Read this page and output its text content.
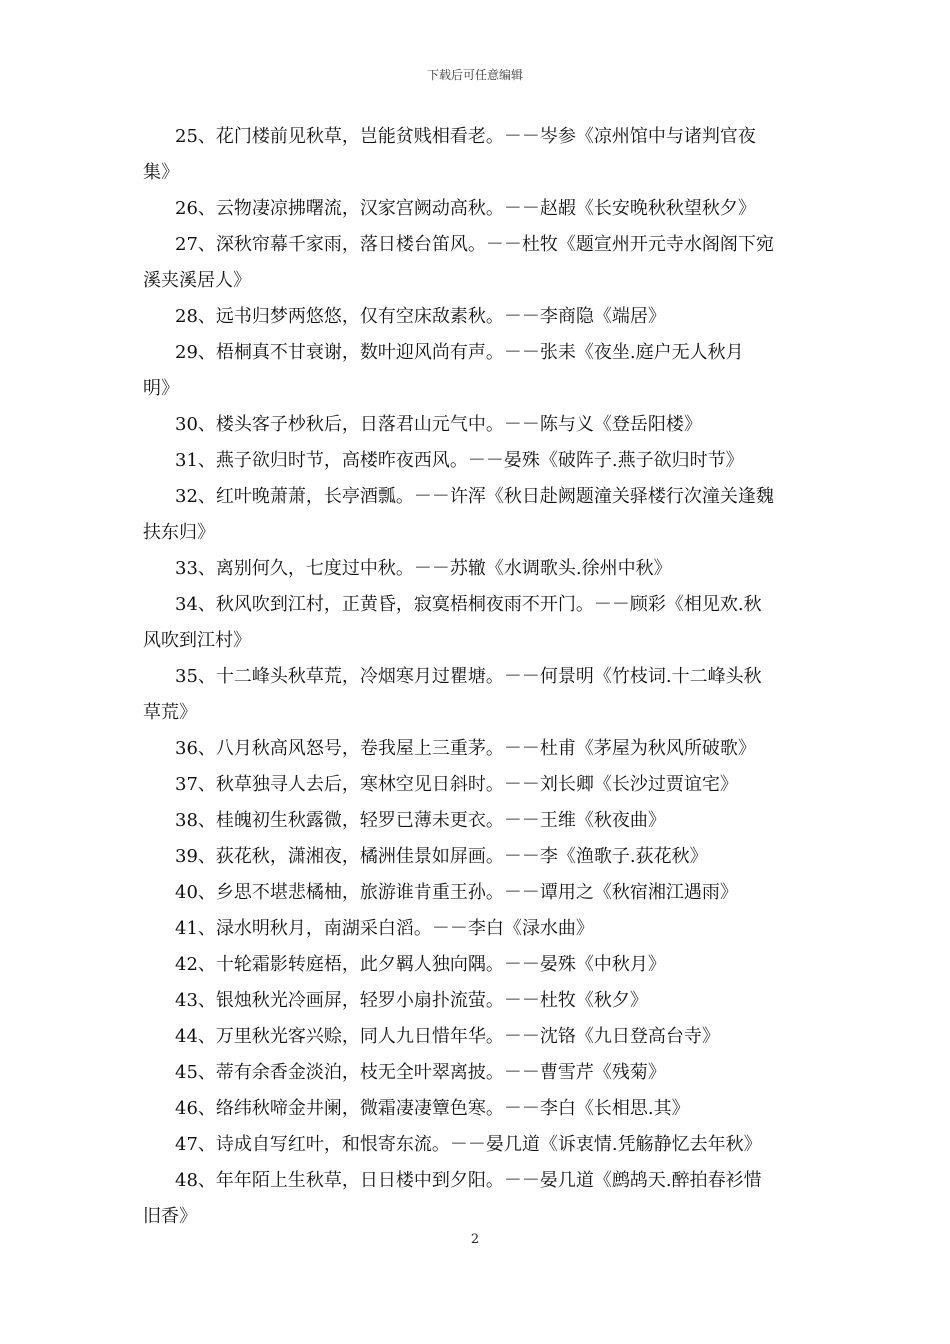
下载后可任意编辑
25、花门楼前见秋草，岂能贫贱相看老。－－岑参《凉州馆中与诸判官夜
集》
26、云物凄凉拂曙流，汉家宫阙动高秋。－－赵嘏《长安晚秋秋望秋夕》
27、深秋帘幕千家雨，落日楼台笛风。－－杜牧《题宣州开元寺水阁阁下宛
溪夹溪居人》
28、远书归梦两悠悠，仅有空床敌素秋。－－李商隐《端居》
29、梧桐真不甘衰谢，数叶迎风尚有声。－－张耒《夜坐.庭户无人秋月
明》
30、楼头客子杪秋后，日落君山元气中。－－陈与义《登岳阳楼》
31、燕子欲归时节，高楼昨夜西风。－－晏殊《破阵子.燕子欲归时节》
32、红叶晚萧萧，长亭酒瓢。－－许浑《秋日赴阙题潼关驿楼行次潼关逢魏
扶东归》
33、离别何久，七度过中秋。－－苏辙《水调歌头.徐州中秋》
34、秋风吹到江村，正黄昏，寂寞梧桐夜雨不开门。－－顾彩《相见欢.秋
风吹到江村》
35、十二峰头秋草荒，冷烟寒月过瞿塘。－－何景明《竹枝词.十二峰头秋
草荒》
36、八月秋高风怒号，卷我屋上三重茅。－－杜甫《茅屋为秋风所破歌》
37、秋草独寻人去后，寒林空见日斜时。－－刘长卿《长沙过贾谊宅》
38、桂魄初生秋露微，轻罗已薄未更衣。－－王维《秋夜曲》
39、荻花秋，潇湘夜，橘洲佳景如屏画。－－李《渔歌子.荻花秋》
40、乡思不堪悲橘柚，旅游谁肯重王孙。－－谭用之《秋宿湘江遇雨》
41、渌水明秋月，南湖采白滔。－－李白《渌水曲》
42、十轮霜影转庭梧，此夕羁人独向隅。－－晏殊《中秋月》
43、银烛秋光冷画屏，轻罗小扇扑流萤。－－杜牧《秋夕》
44、万里秋光客兴赊，同人九日惜年华。－－沈铬《九日登高台寺》
45、蒂有余香金淡泊，枝无全叶翠离披。－－曹雪芹《残菊》
46、络纬秋啼金井阑，微霜凄凄簟色寒。－－李白《长相思.其》
47、诗成自写红叶，和恨寄东流。－－晏几道《诉衷情.凭觞静忆去年秋》
48、年年陌上生秋草，日日楼中到夕阳。－－晏几道《鹧鸪天.醉拍春衫惜
旧香》
2
